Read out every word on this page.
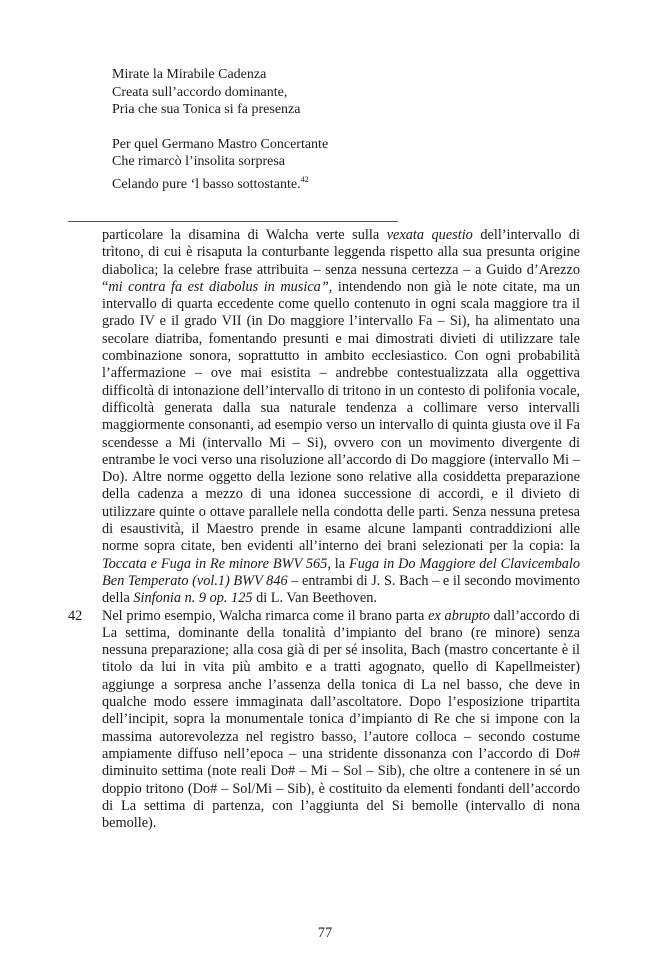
Mirate la Mirabile Cadenza
Creata sull’accordo dominante,
Pria che sua Tonica si fa presenza
Per quel Germano Mastro Concertante
Che rimarcò l’insolita sorpresa
Celando pure ‘l basso sottostante.$^{42}$

particolare la disamina di Walcha verte sulla vexata questio dell’intervallo di trìtono, di cui è risaputa la conturbante leggenda rispetto alla sua presunta origine diabolica; la celebre frase attribuita – senza nessuna certezza – a Guido d’Arezzo “mi contra fa est diabolus in musica”, intendendo non già le note citate, ma un intervallo di quarta eccedente come quello contenuto in ogni scala maggiore tra il grado IV e il grado VII (in Do maggiore l’intervallo Fa – Si), ha alimentato una secolare diatriba, fomentando presunti e mai dimostrati divieti di utilizzare tale combinazione sonora, soprattutto in ambito ecclesiastico. Con ogni probabilità l’affermazione – ove mai esistita – andrebbe contestualizzata alla oggettiva difficoltà di intonazione dell’intervallo di tritono in un contesto di polifonia vocale, difficoltà generata dalla sua naturale tendenza a collimare verso intervalli maggiormente consonanti, ad esempio verso un intervallo di quinta giusta ove il Fa scendesse a Mi (intervallo Mi – Si), ovvero con un movimento divergente di entrambe le voci verso una risoluzione all’accordo di Do maggiore (intervallo Mi – Do). Altre norme oggetto della lezione sono relative alla cosiddetta preparazione della cadenza a mezzo di una idonea successione di accordi, e il divieto di utilizzare quinte o ottave parallele nella condotta delle parti. Senza nessuna pretesa di esaustività, il Maestro prende in esame alcune lampanti contraddizioni alle norme sopra citate, ben evidenti all’interno dei brani selezionati per la copia: la Toccata e Fuga in Re minore BWV 565, la Fuga in Do Maggiore del Clavicembalo Ben Temperato (vol.1) BWV 846 – entrambi di J. S. Bach – e il secondo movimento della Sinfonia n. 9 op. 125 di L. Van Beethoven.

42 Nel primo esempio, Walcha rimarca come il brano parta ex abrupto dall’accordo di La settima, dominante della tonalità d’impianto del brano (re minore) senza nessuna preparazione; alla cosa già di per sé insolita, Bach (mastro concertante è il titolo da lui in vita più ambito e a tratti agognato, quello di Kapellmeister) aggiunge a sorpresa anche l’assenza della tonica di La nel basso, che deve in qualche modo essere immaginata dall’ascoltatore. Dopo l’esposizione tripartita dell’incipit, sopra la monumentale tonica d’impianto di Re che si impone con la massima autorevolezza nel registro basso, l’autore colloca – secondo costume ampiamente diffuso nell’epoca – una stridente dissonanza con l’accordo di Do# diminuito settima (note reali Do# – Mi – Sol – Sib), che oltre a contenere in sé un doppio tritono (Do# – Sol/Mi – Sib), è costituito da elementi fondanti dell’accordo di La settima di partenza, con l’aggiunta del Si bemolle (intervallo di nona bemolle).

77
